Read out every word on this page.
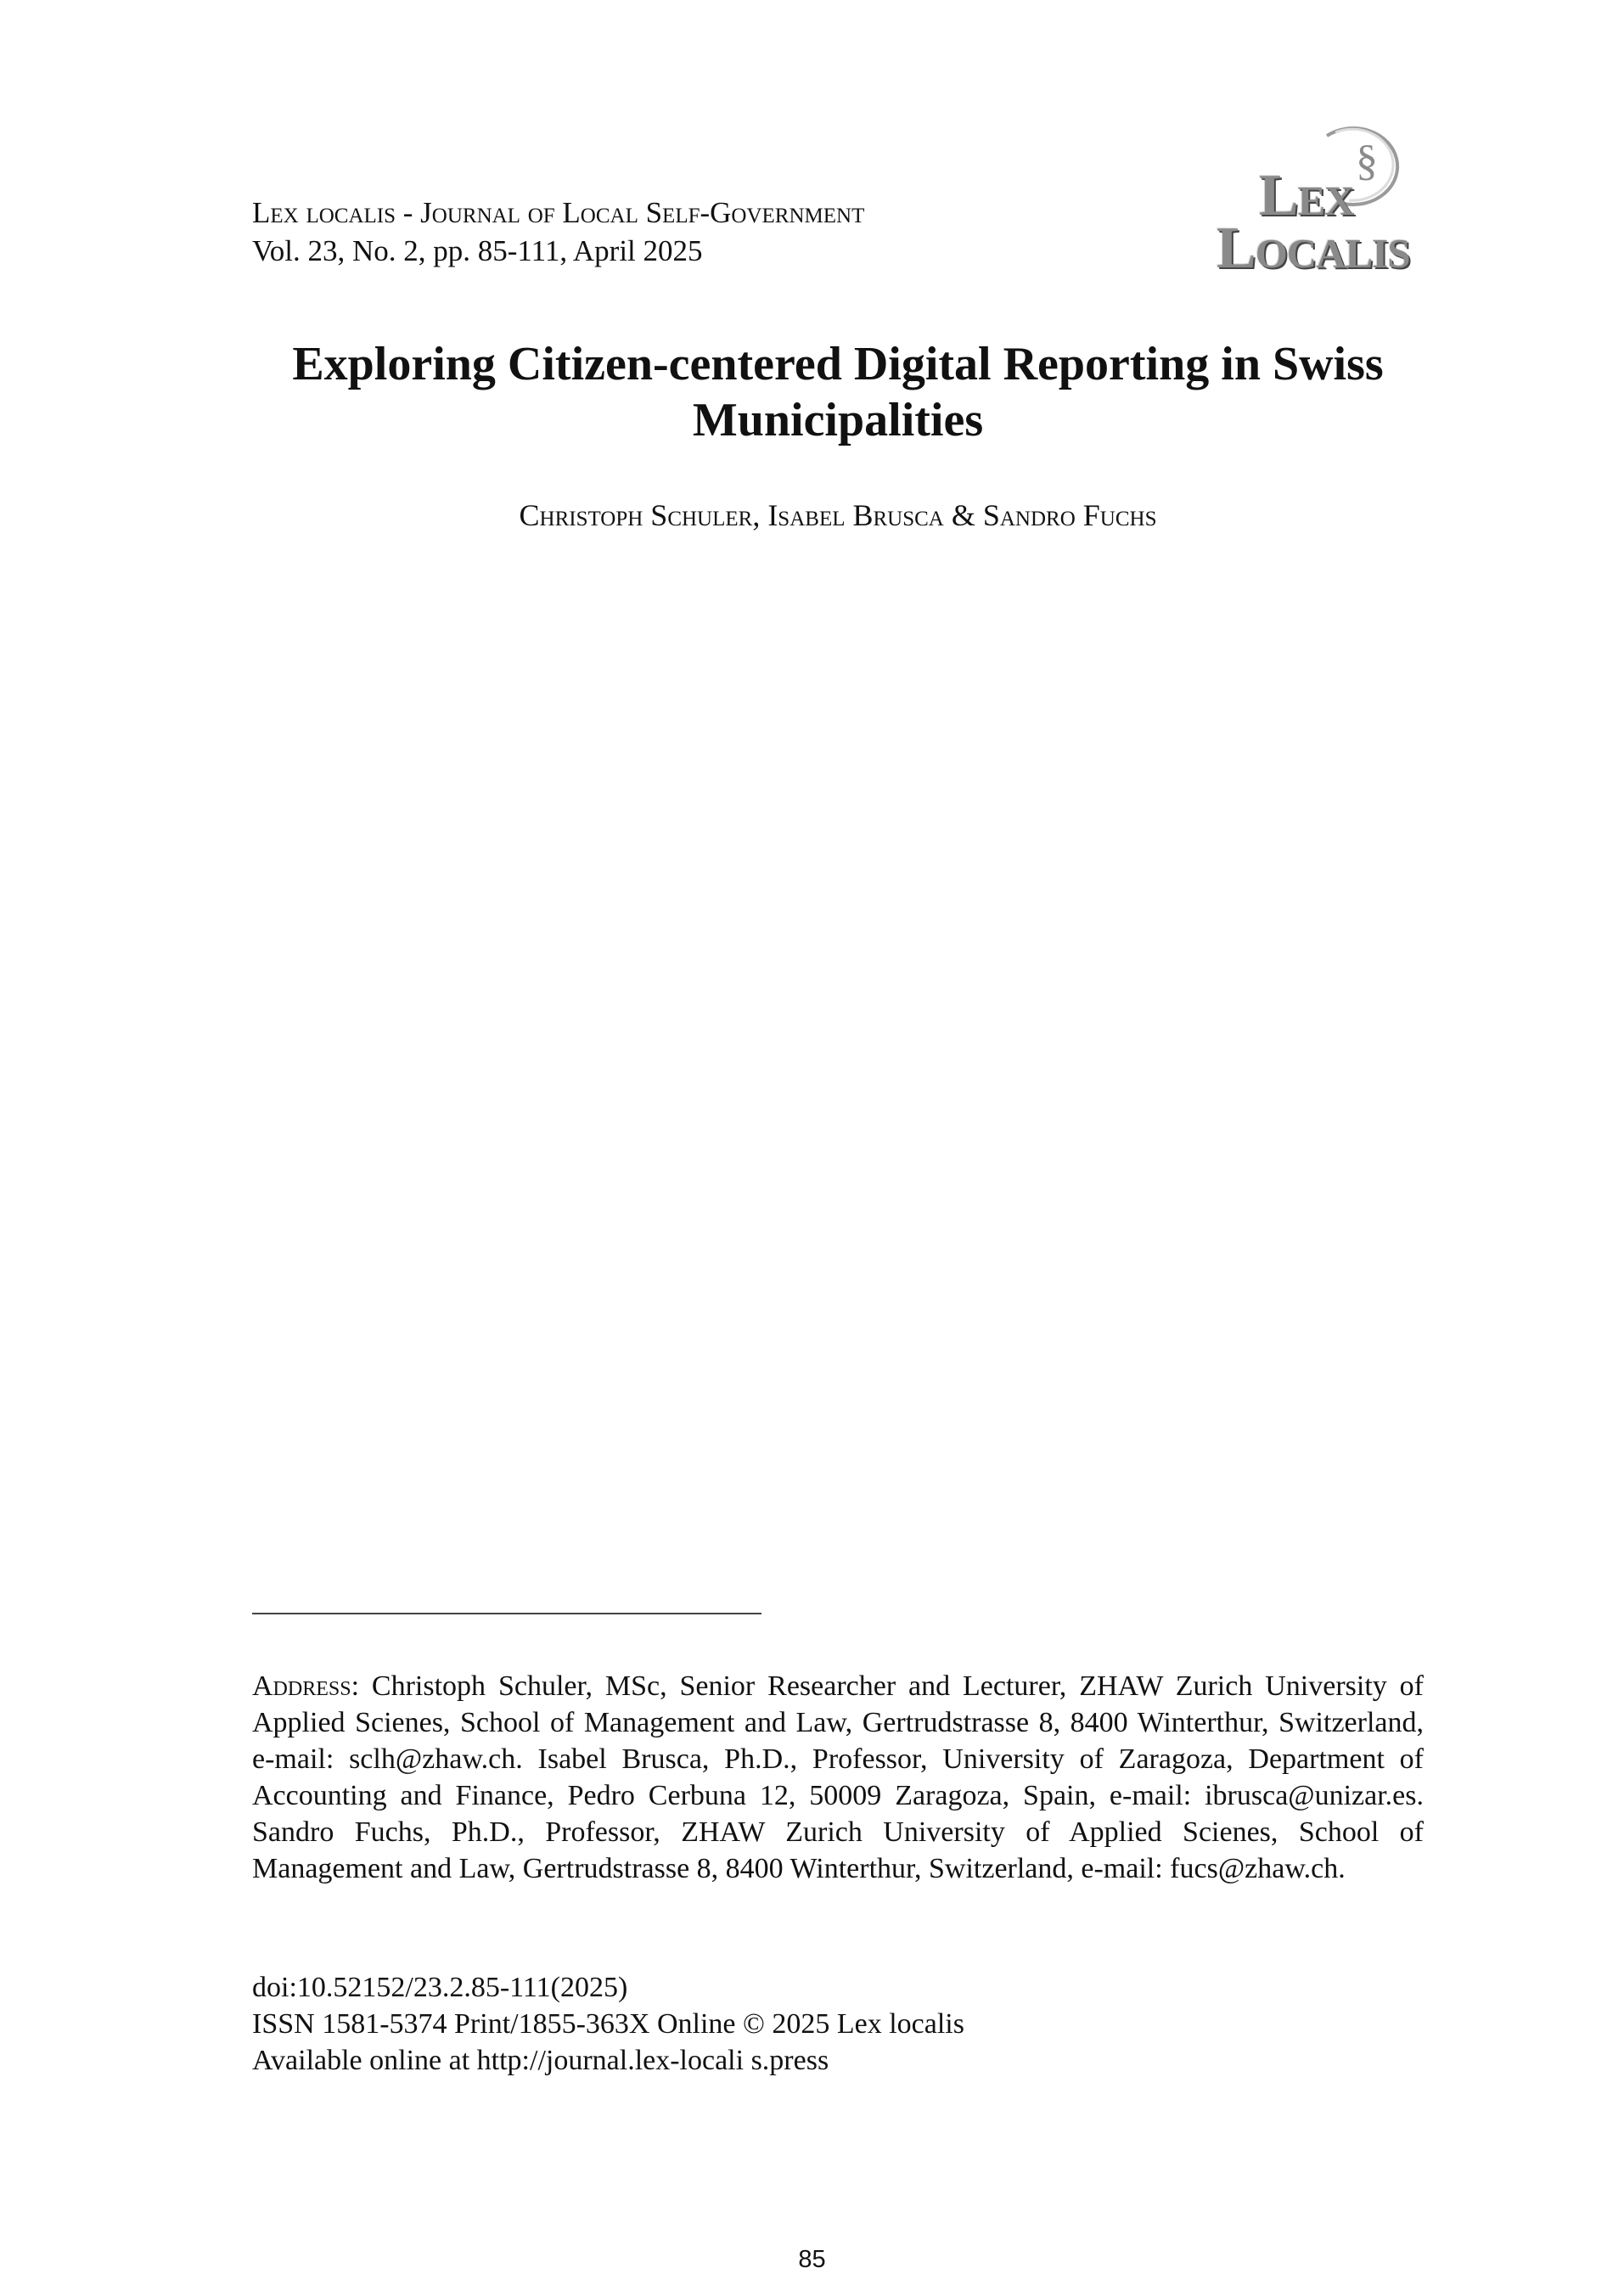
Lex localis - Journal of Local Self-Government
Vol. 23, No. 2, pp. 85-111, April 2025
§
Lex
Localis
Exploring Citizen-centered Digital Reporting in Swiss Municipalities
Christoph Schuler, Isabel Brusca & Sandro Fuchs
Address: Christoph Schuler, MSc, Senior Researcher and Lecturer, ZHAW Zurich University of Applied Scienes, School of Management and Law, Gertrudstrasse 8, 8400 Winterthur, Switzerland, e-mail: sclh@zhaw.ch. Isabel Brusca, Ph.D., Professor, University of Zaragoza, Department of Accounting and Finance, Pedro Cerbuna 12, 50009 Zaragoza, Spain, e-mail: ibrusca@unizar.es. Sandro Fuchs, Ph.D., Professor, ZHAW Zurich University of Applied Scienes, School of Management and Law, Gertrudstrasse 8, 8400 Winterthur, Switzerland, e-mail: fucs@zhaw.ch.
doi:10.52152/23.2.85-111(2025)
ISSN 1581-5374 Print/1855-363X Online © 2025 Lex localis
Available online at http://journal.lex-locali s.press
85
